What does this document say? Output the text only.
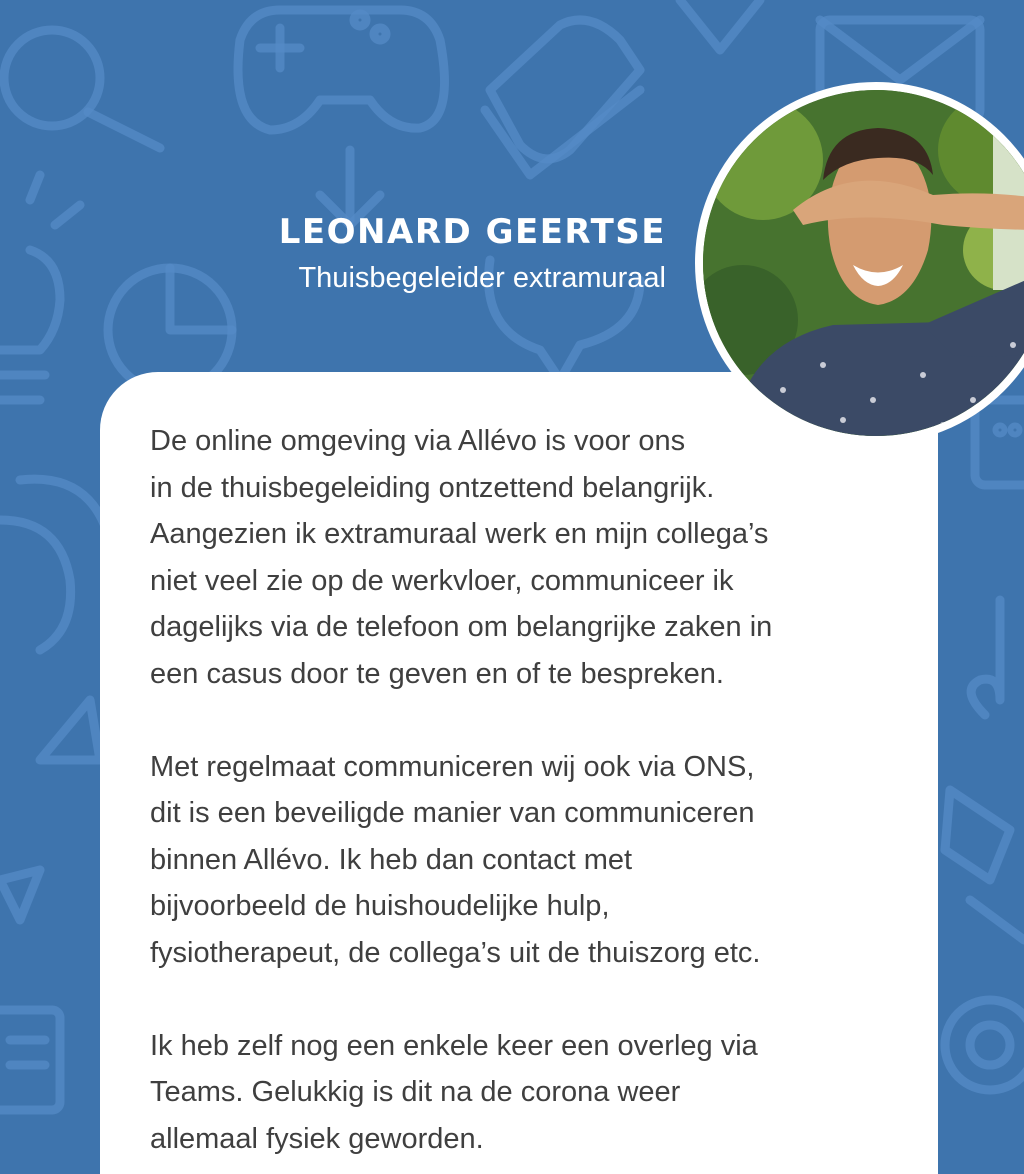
LEONARD GEERTSE

Thuisbegeleider extramuraal

De online omgeving via Allévo is voor ons
in de thuisbegeleiding ontzettend belangrijk.
Aangezien ik extramuraal werk en mijn collega’s
niet veel zie op de werkvloer, communiceer ik
dagelijks via de telefoon om belangrijke zaken in
een casus door te geven en of te bespreken.

Met regelmaat communiceren wij ook via ONS,
dit is een beveiligde manier van communiceren
binnen Allévo. Ik heb dan contact met
bijvoorbeeld de huishoudelijke hulp,
fysiotherapeut, de collega’s uit de thuiszorg etc.

Ik heb zelf nog een enkele keer een overleg via
Teams. Gelukkig is dit na de corona weer
allemaal fysiek geworden.
